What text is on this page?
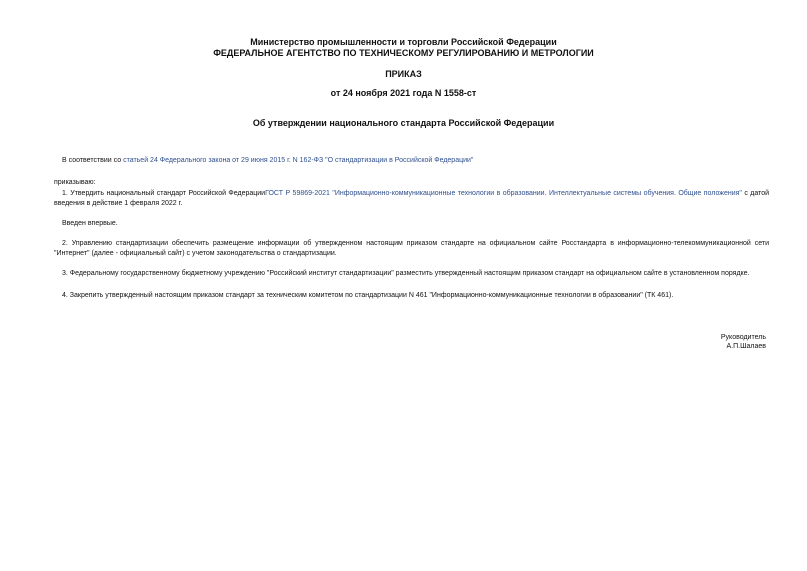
Министерство промышленности и торговли Российской Федерации
ФЕДЕРАЛЬНОЕ АГЕНТСТВО ПО ТЕХНИЧЕСКОМУ РЕГУЛИРОВАНИЮ И МЕТРОЛОГИИ
ПРИКАЗ
от 24 ноября 2021 года N 1558-ст
Об утверждении национального стандарта Российской Федерации
В соответствии со статьей 24 Федерального закона от 29 июня 2015 г. N 162-ФЗ "О стандартизации в Российской Федерации"
приказываю:
1. Утвердить национальный стандарт Российской ФедерацииГОСТ Р 59869-2021 "Информационно-коммуникационные технологии в образовании. Интеллектуальные системы обучения. Общие положения" с датой введения в действие 1 февраля 2022 г.
Введен впервые.
2. Управлению стандартизации обеспечить размещение информации об утвержденном настоящим приказом стандарте на официальном сайте Росстандарта в информационно-телекоммуникационной сети "Интернет" (далее - официальный сайт) с учетом законодательства о стандартизации.
3. Федеральному государственному бюджетному учреждению "Российский институт стандартизации" разместить утвержденный настоящим приказом стандарт на официальном сайте в установленном порядке.
4. Закрепить утвержденный настоящим приказом стандарт за техническим комитетом по стандартизации N 461 "Информационно-коммуникационные технологии в образовании" (ТК 461).
Руководитель
А.П.Шалаев
